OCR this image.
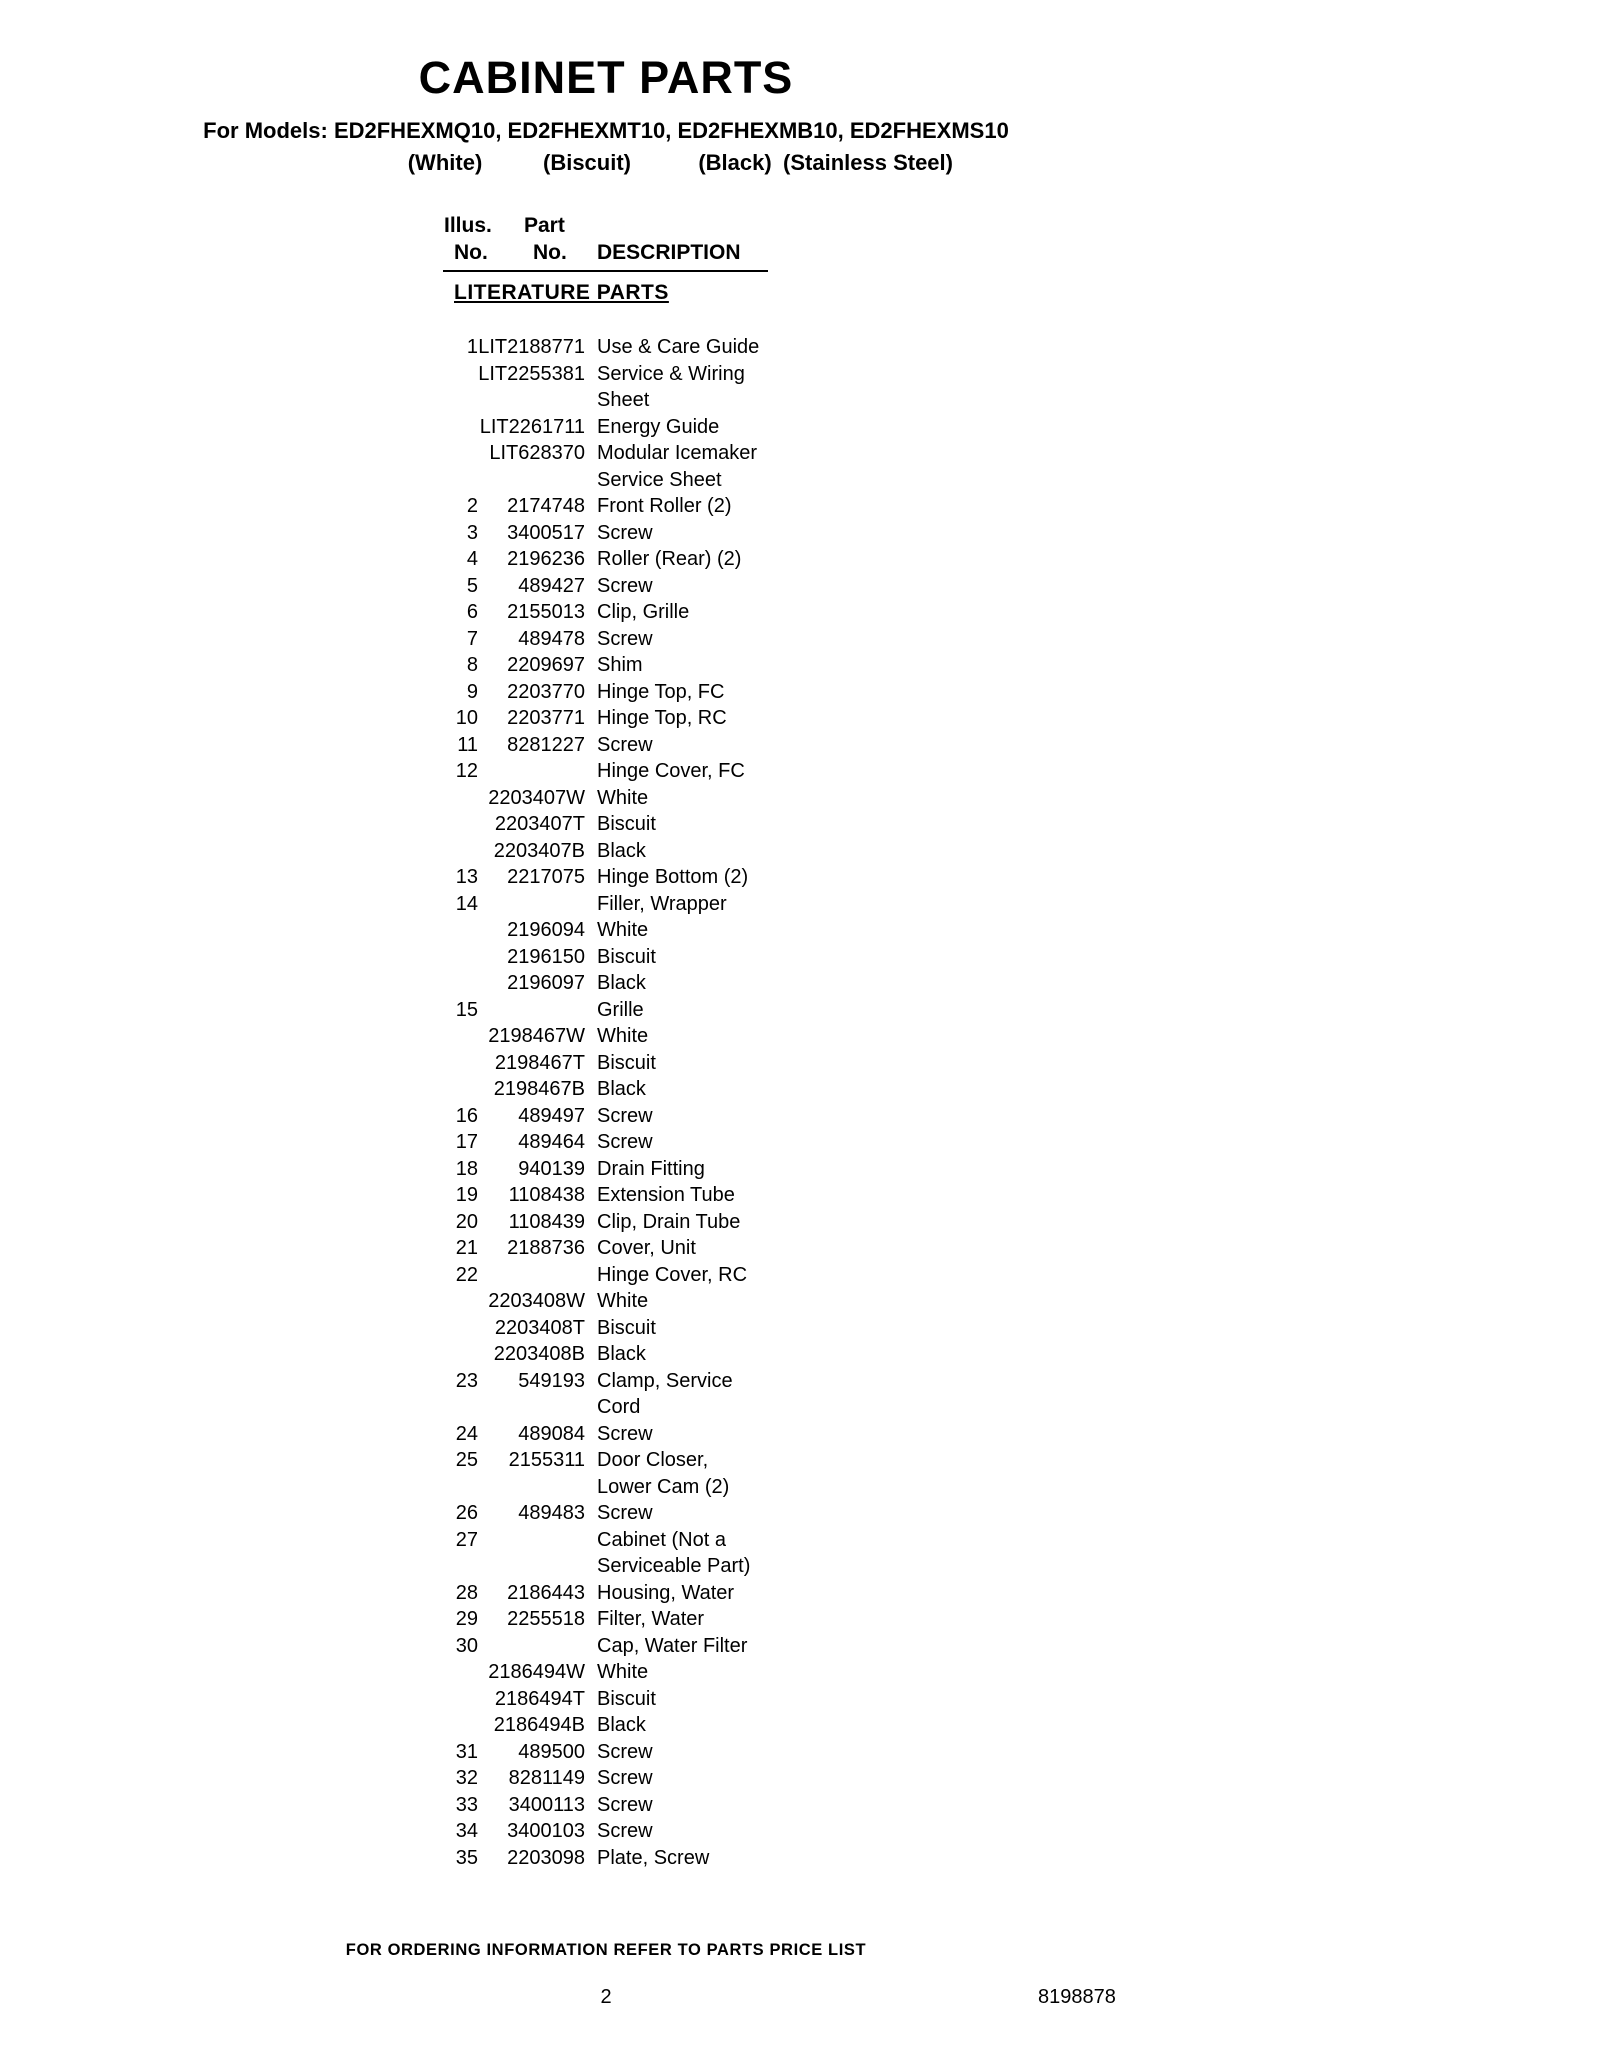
CABINET PARTS
For Models: ED2FHEXMQ10, ED2FHEXMT10, ED2FHEXMB10, ED2FHEXMS10
(White)	(Biscuit)	(Black) (Stainless Steel)
Illus. Part
No. No. DESCRIPTION
LITERATURE PARTS
1 LIT2188771 Use & Care Guide
LIT2255381 Service & Wiring
Sheet
LIT2261711 Energy Guide
LIT628370 Modular Icemaker
Service Sheet
2	2174748 Front Roller (2)
3	3400517 Screw
4	2196236 Roller (Rear) (2)
5	489427 Screw
6	2155013 Clip, Grille
7	489478 Screw
8	2209697 Shim
9	2203770 Hinge Top, FC
10	2203771 Hinge Top, RC
11	8281227 Screw
12	Hinge Cover, FC
2203407W White
2203407T Biscuit
2203407B Black
13	2217075 Hinge Bottom (2)
14	Filler, Wrapper
2196094 White
2196150 Biscuit
2196097 Black
15	Grille
2198467W White
2198467T Biscuit
2198467B Black
16	489497 Screw
17	489464 Screw
18	940139 Drain Fitting
19	1108438 Extension Tube
20	1108439 Clip, Drain Tube
21	2188736 Cover, Unit
22	Hinge Cover, RC
2203408W White
2203408T Biscuit
2203408B Black
23	549193 Clamp, Service
Cord
24	489084 Screw
25	2155311 Door Closer,
Lower Cam (2)
26	489483 Screw
27	Cabinet (Not a
Serviceable Part)
28	2186443 Housing, Water
29	2255518 Filter, Water
30	Cap, Water Filter
2186494W White
2186494T Biscuit
2186494B Black
31	489500 Screw
32	8281149 Screw
33	3400113 Screw
34	3400103 Screw
35	2203098 Plate, Screw
FOR ORDERING INFORMATION REFER TO PARTS PRICE LIST
2	8198878
